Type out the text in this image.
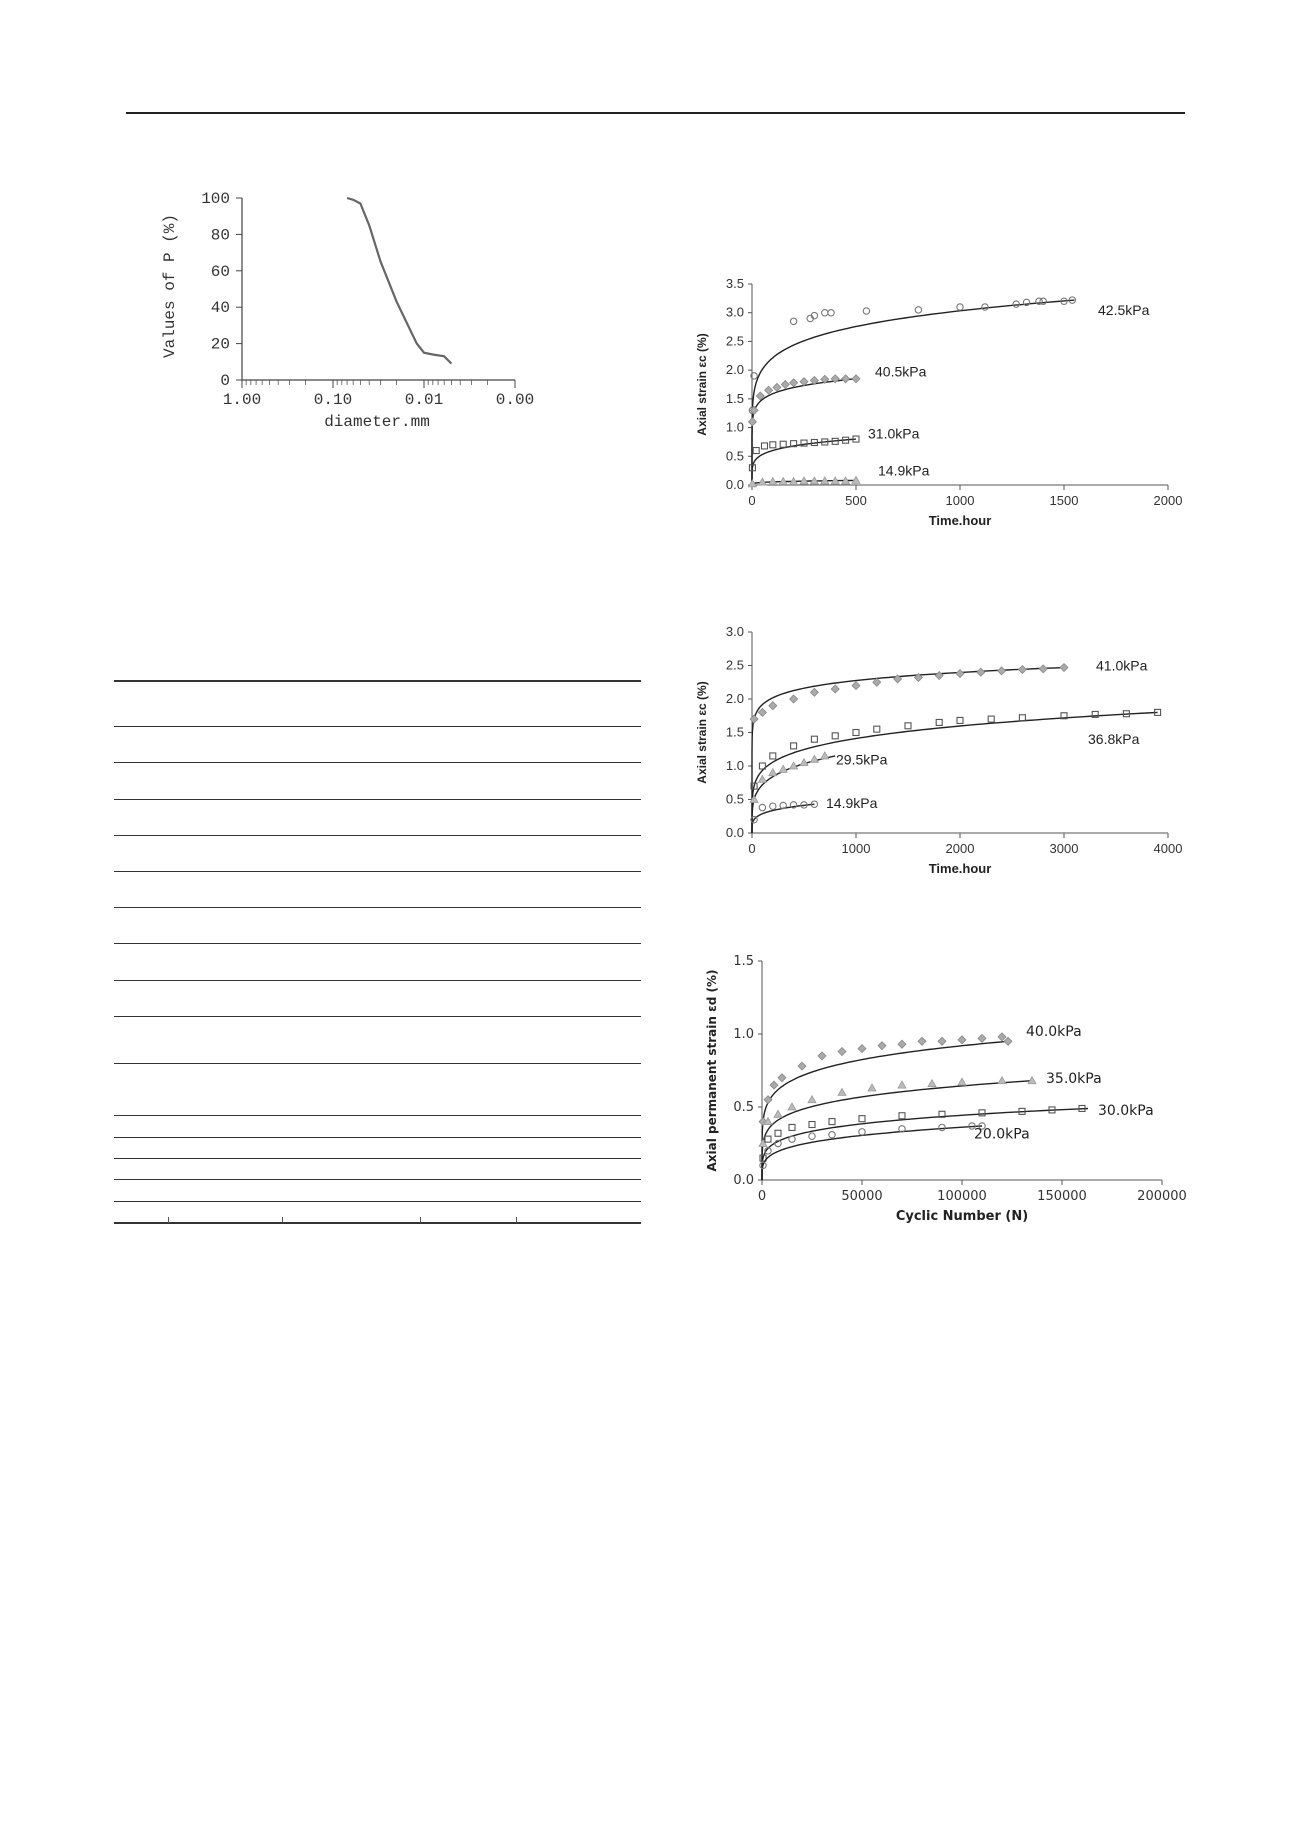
diameter.mm
Values of P (%)
100
80
60
40
20
0
1.00	0.10	0.01	0.00
0.0
0.5
1.0
1.5
2.0
2.5
3.0
3.5
0	500	1000	1500	2000
Time.hour
Axial strain εc (%)
42.5kPa
40.5kPa
31.0kPa
14.9kPa
0.0
0.5
1.0
1.5
2.0
2.5
3.0
0	1000	2000	3000	4000
Time.hour
Axial strain εc (%)
41.0kPa
36.8kPa
29.5kPa
14.9kPa
0.0
0.5
1.0
1.5
0	50000	100000	150000	200000
Cyclic Number (N)
Axial permanent strain εd (%)	40.0kPa
35.0kPa
30.0kPa
20.0kPa
